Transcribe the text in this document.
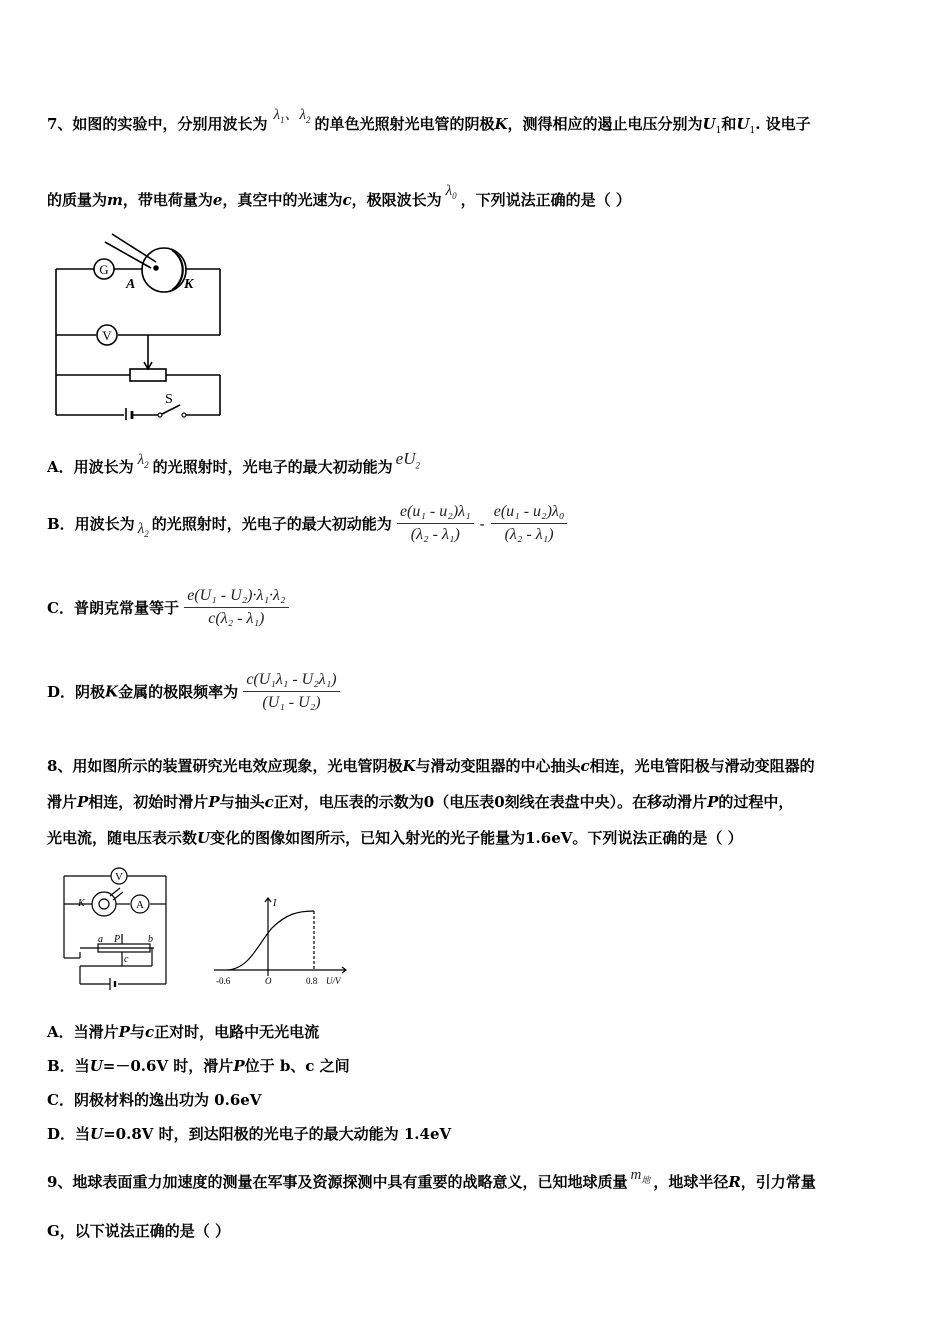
7、如图的实验中，分别用波长为 $\lambda_1$、$\lambda_2$ 的单色光照射光电管的阴极K，测得相应的遏止电压分别为$U_1$和$U_1$. 设电子
的质量为m，带电荷量为e，真空中的光速为c，极限波长为 $\lambda_0$ ，下列说法正确的是（ ）
G
V
A	K
S
A．用波长为 $\lambda_2$ 的光照射时，光电子的最大初动能为 $eU_2$
B．用波长为 $\lambda_2$的光照射时，光电子的最大初动能为 $\frac{\text{e(u₁ - u₂)λ₁}}{\text{(λ₂ - λ₁)}} - \frac{\text{e(u₁ - u₂)λ₀}}{\text{(λ₂ - λ₁)}}$
C．普朗克常量等于 $\frac{\text{e(U₁ - U₂)·λ₁·λ₂}}{\text{c(λ₂ - λ₁)}}$
D．阴极K金属的极限频率为 $\frac{\text{c(U₁λ₁ - U₂λ₁)}}{\text{(U₁ - U₂)}}$
8、用如图所示的装置研究光电效应现象，光电管阴极K与滑动变阻器的中心抽头c相连，光电管阳极与滑动变阻器的
滑片P相连，初始时滑片P与抽头c正对，电压表的示数为0（电压表0刻线在表盘中央）。在移动滑片P的过程中，
光电流，随电压表示数U变化的图像如图所示，已知入射光的光子能量为1.6eV。下列说法正确的是（ ）
V
A
K
a P	b
c
I
-0.6	O	0.8 U/V
A．当滑片P与c正对时，电路中无光电流
B．当U=－0.6V 时，滑片P位于 b、c 之间
C．阴极材料的逸出功为 0.6eV
D．当U=0.8V 时，到达阳极的光电子的最大动能为 1.4eV
9、地球表面重力加速度的测量在军事及资源探测中具有重要的战略意义，已知地球质量 $m_地$ ，地球半径R，引力常量
G，以下说法正确的是（ ）
